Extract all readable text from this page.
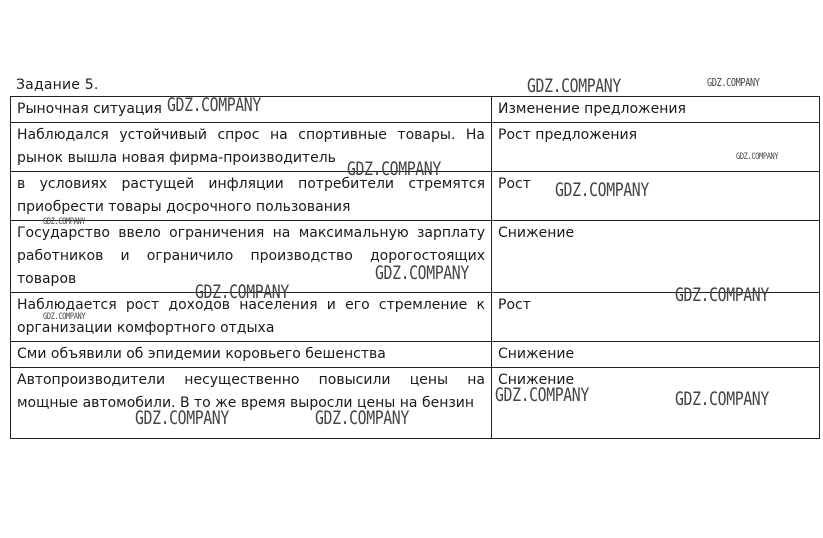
Задание 5.
Рыночная ситуация	Изменение предложения
Наблюдался устойчивый спрос на спортивные товары. На рынок вышла новая фирма-производитель	Рост предложения
в условиях растущей инфляции потребители стремятся приобрести товары досрочного пользования	Рост
Государство ввело ограничения на максимальную зарплату работников и ограничило производство дорогостоящих товаров	Снижение
Наблюдается рост доходов населения и его стремление к организации комфортного отдыха	Рост
Сми объявили об эпидемии коровьего бешенства	Снижение
Автопроизводители несущественно повысили цены на мощные автомобили. В то же время выросли цены на бензин	Снижение
GDZ.COMPANY	GDZ.COMPANY
GDZ.COMPANY
GDZ.COMPANY
GDZ.COMPANY
GDZ.COMPANY
GDZ.COMPANY
GDZ.COMPANY
GDZ.COMPANY	GDZ.COMPANY
GDZ.COMPANY
GDZ.COMPANY	GDZ.COMPANY
GDZ.COMPANY	GDZ.COMPANY
